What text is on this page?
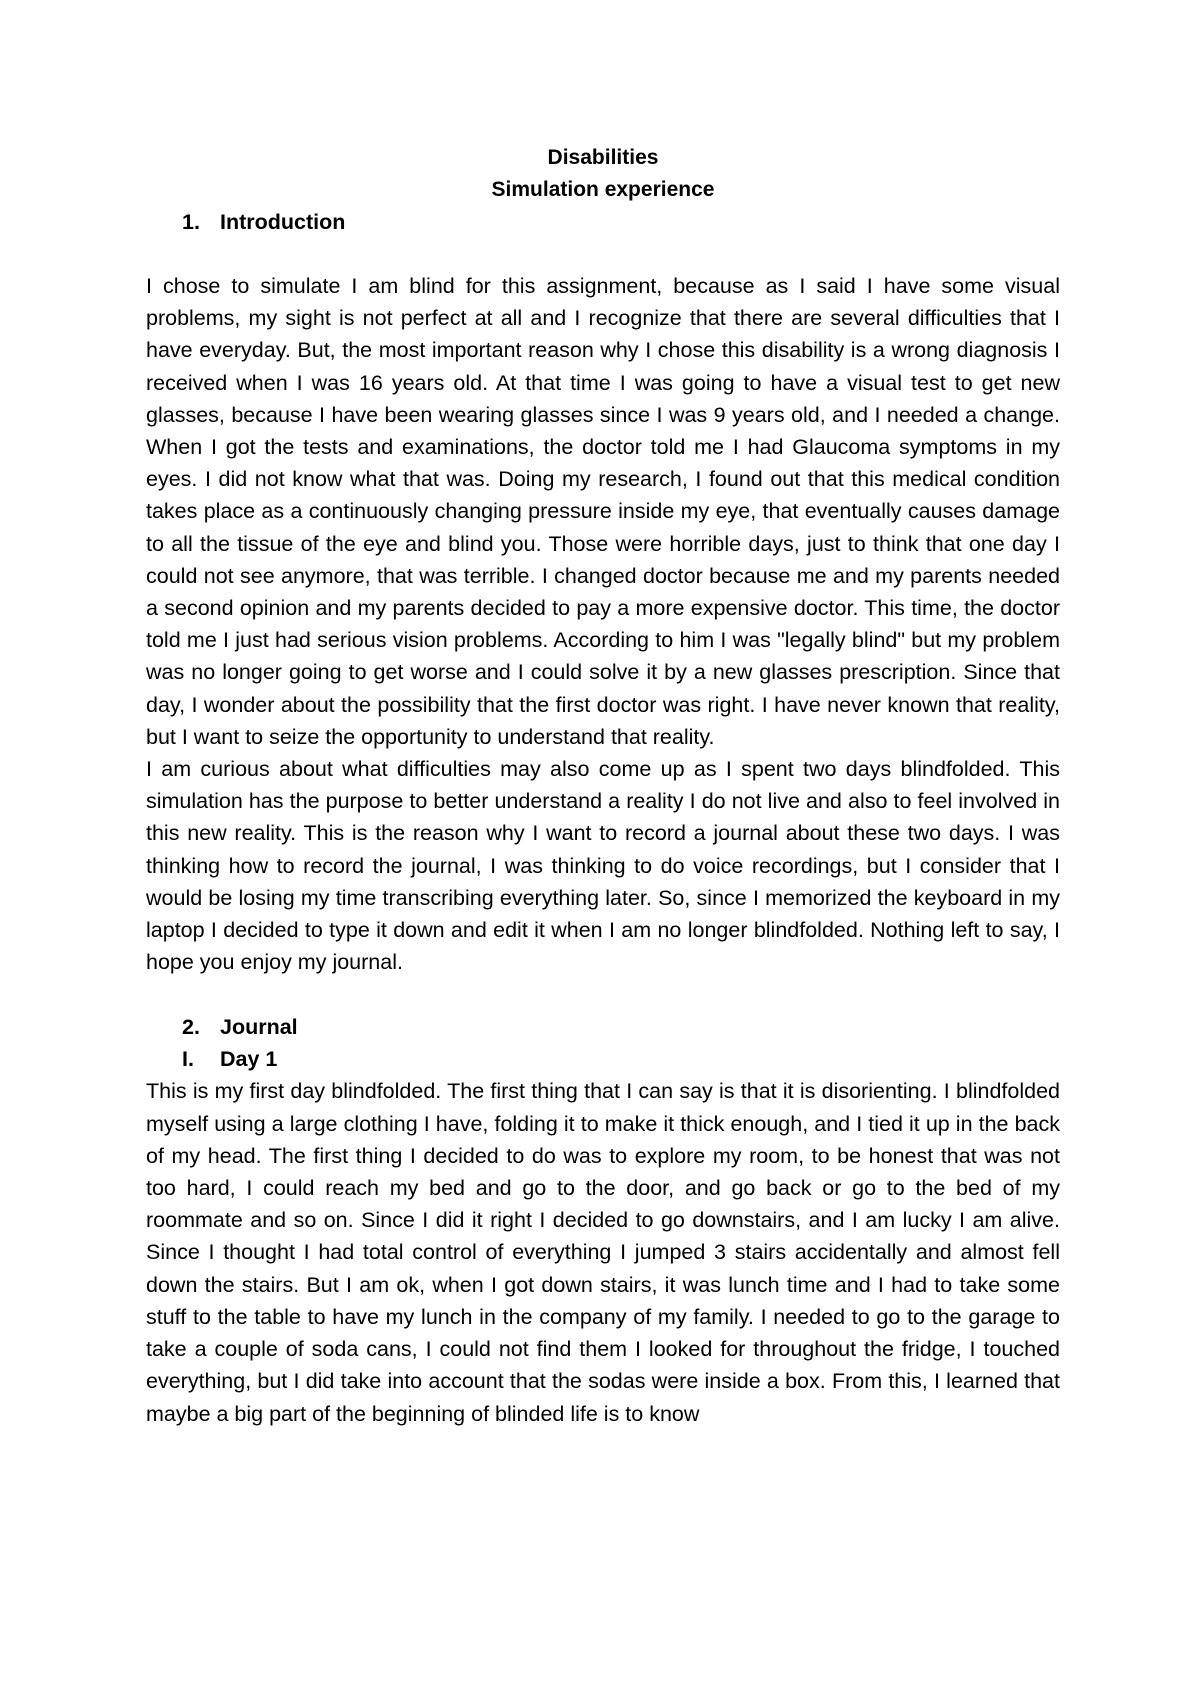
Disabilities

Simulation experience

1. Introduction

I chose to simulate I am blind for this assignment, because as I said I have some visual problems, my sight is not perfect at all and I recognize that there are several difficulties that I have everyday. But, the most important reason why I chose this disability is a wrong diagnosis I received when I was 16 years old. At that time I was going to have a visual test to get new glasses, because I have been wearing glasses since I was 9 years old, and I needed a change. When I got the tests and examinations, the doctor told me I had Glaucoma symptoms in my eyes. I did not know what that was. Doing my research, I found out that this medical condition takes place as a continuously changing pressure inside my eye, that eventually causes damage to all the tissue of the eye and blind you. Those were horrible days, just to think that one day I could not see anymore, that was terrible. I changed doctor because me and my parents needed a second opinion and my parents decided to pay a more expensive doctor. This time, the doctor told me I just had serious vision problems. According to him I was "legally blind" but my problem was no longer going to get worse and I could solve it by a new glasses prescription. Since that day, I wonder about the possibility that the first doctor was right. I have never known that reality, but I want to seize the opportunity to understand that reality.

I am curious about what difficulties may also come up as I spent two days blindfolded. This simulation has the purpose to better understand a reality I do not live and also to feel involved in this new reality. This is the reason why I want to record a journal about these two days. I was thinking how to record the journal, I was thinking to do voice recordings, but I consider that I would be losing my time transcribing everything later. So, since I memorized the keyboard in my laptop I decided to type it down and edit it when I am no longer blindfolded. Nothing left to say, I hope you enjoy my journal.

2. Journal
I.	Day 1

This is my first day blindfolded. The first thing that I can say is that it is disorienting. I blindfolded myself using a large clothing I have, folding it to make it thick enough, and I tied it up in the back of my head. The first thing I decided to do was to explore my room, to be honest that was not too hard, I could reach my bed and go to the door, and go back or go to the bed of my roommate and so on. Since I did it right I decided to go downstairs, and I am lucky I am alive. Since I thought I had total control of everything I jumped 3 stairs accidentally and almost fell down the stairs. But I am ok, when I got down stairs, it was lunch time and I had to take some stuff to the table to have my lunch in the company of my family. I needed to go to the garage to take a couple of soda cans, I could not find them I looked for throughout the fridge, I touched everything, but I did take into account that the sodas were inside a box. From this, I learned that maybe a big part of the beginning of blinded life is to know
